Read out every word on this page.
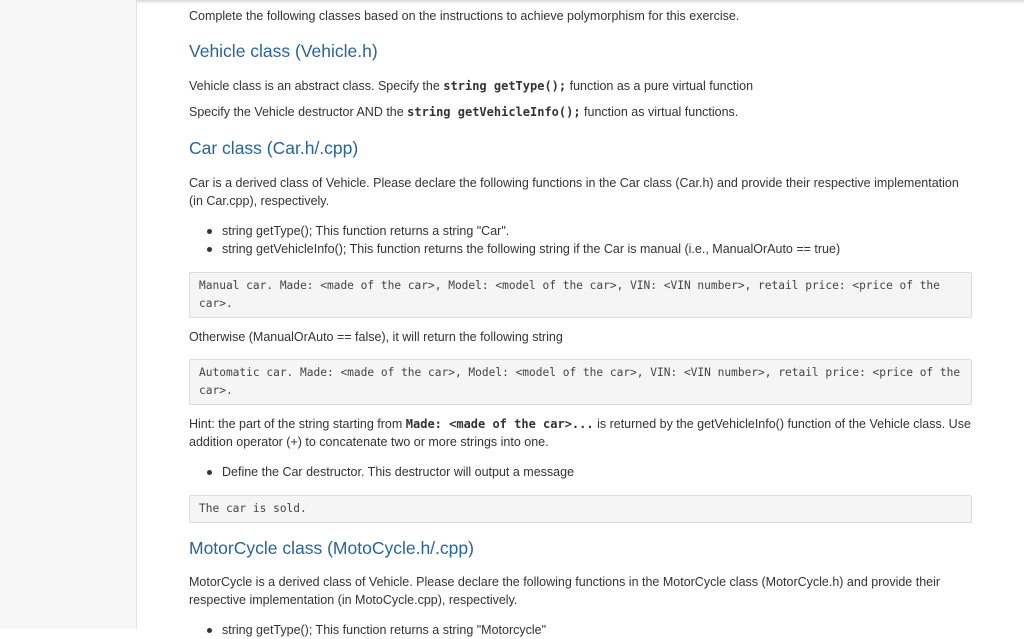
Complete the following classes based on the instructions to achieve polymorphism for this exercise.

Vehicle class (Vehicle.h)

Vehicle class is an abstract class. Specify the string getType(); function as a pure virtual function

Specify the Vehicle destructor AND the string getVehicleInfo(); function as virtual functions.

Car class (Car.h/.cpp)

Car is a derived class of Vehicle. Please declare the following functions in the Car class (Car.h) and provide their respective implementation (in Car.cpp), respectively.

string getType(); This function returns a string "Car".
string getVehicleInfo(); This function returns the following string if the Car is manual (i.e., ManualOrAuto == true)
Manual car. Made: <made of the car>, Model: <model of the car>, VIN: <VIN number>, retail price: <price of the car>.

Otherwise (ManualOrAuto == false), it will return the following string

Automatic car. Made: <made of the car>, Model: <model of the car>, VIN: <VIN number>, retail price: <price of the car>.

Hint: the part of the string starting from Made: <made of the car>... is returned by the getVehicleInfo() function of the Vehicle class. Use addition operator (+) to concatenate two or more strings into one.

Define the Car destructor. This destructor will output a message
The car is sold.
MotorCycle class (MotoCycle.h/.cpp)

MotorCycle is a derived class of Vehicle. Please declare the following functions in the MotorCycle class (MotorCycle.h) and provide their respective implementation (in MotoCycle.cpp), respectively.

string getType(); This function returns a string "Motorcycle"
